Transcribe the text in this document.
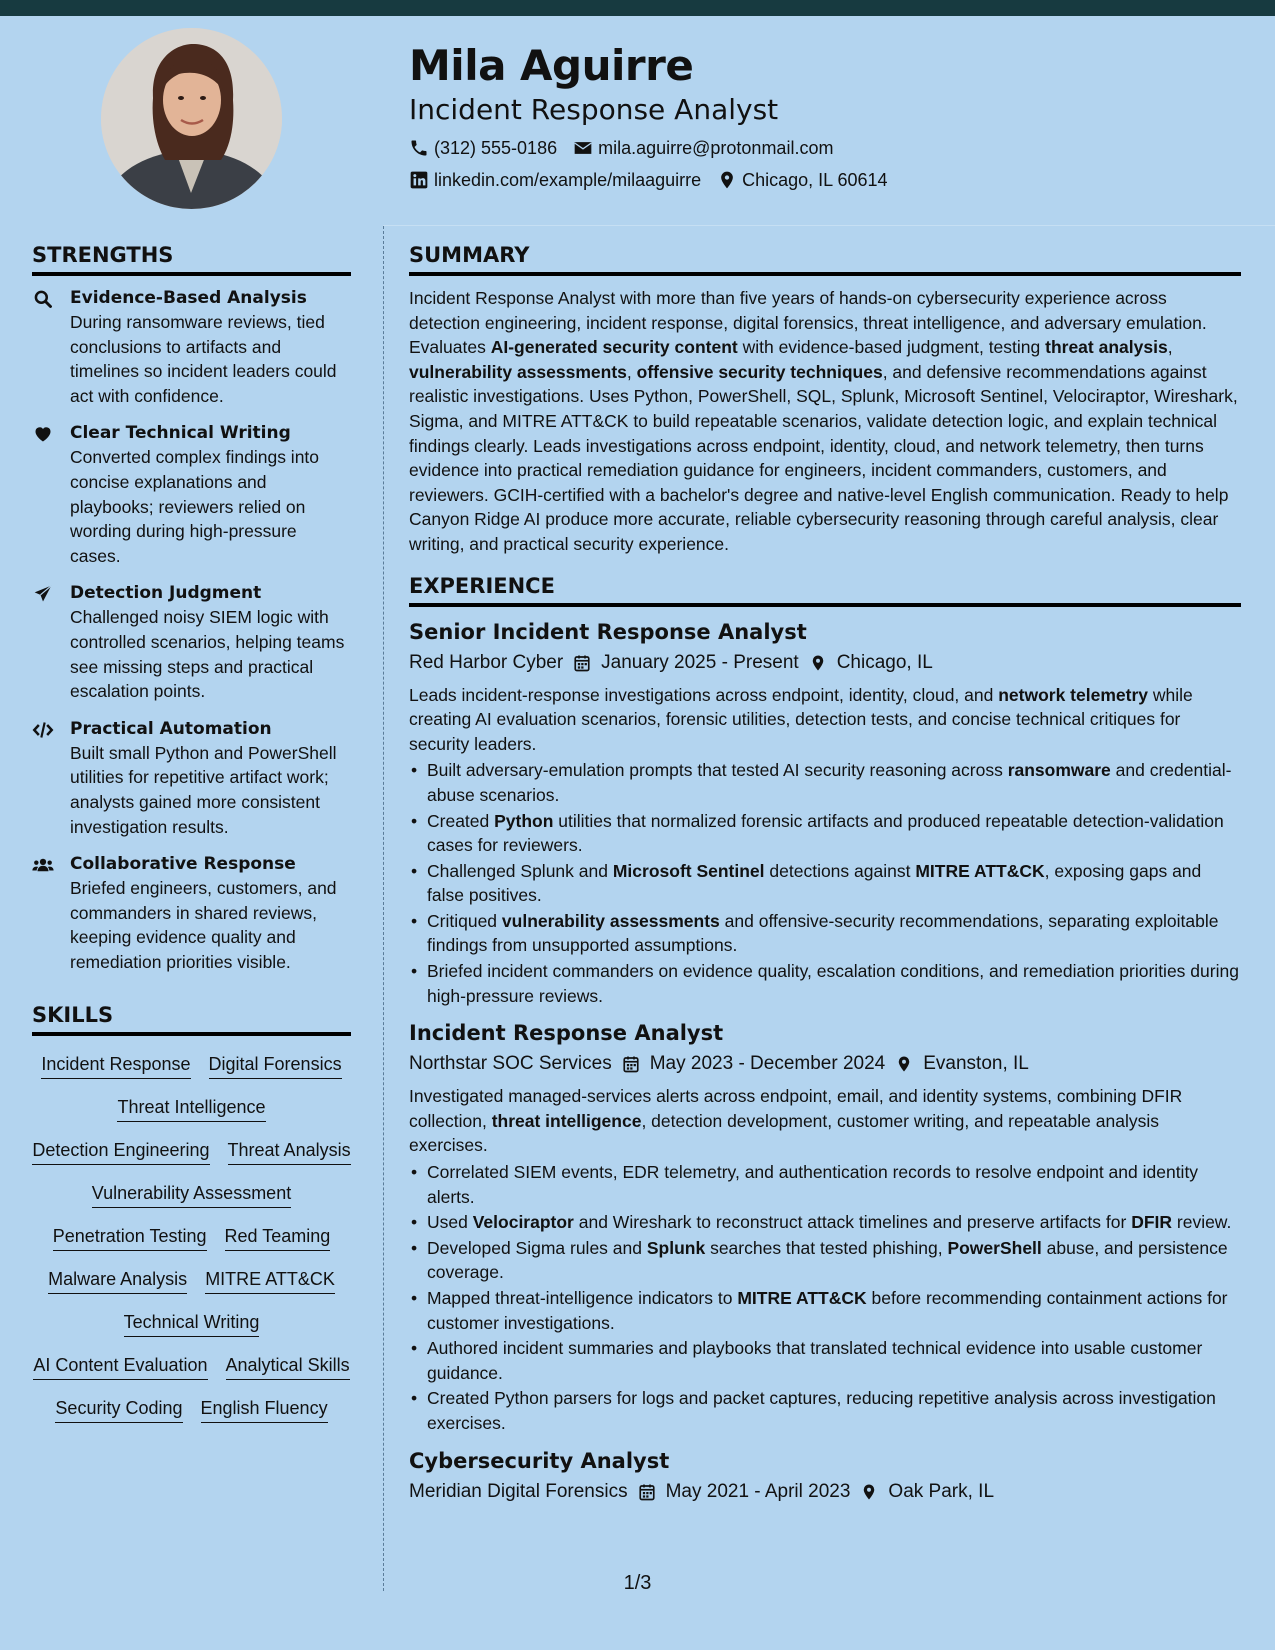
Mila Aguirre
Incident Response Analyst
(312) 555-0186 mila.aguirre@protonmail.com
linkedin.com/example/milaaguirre Chicago, IL 60614
STRENGTHS
Evidence-Based Analysis
During ransomware reviews, tied conclusions to artifacts and timelines so incident leaders could act with confidence.
Clear Technical Writing
Converted complex findings into concise explanations and playbooks; reviewers relied on wording during high-pressure cases.
Detection Judgment
Challenged noisy SIEM logic with controlled scenarios, helping teams see missing steps and practical escalation points.
Practical Automation
Built small Python and PowerShell utilities for repetitive artifact work; analysts gained more consistent investigation results.
Collaborative Response
Briefed engineers, customers, and commanders in shared reviews, keeping evidence quality and remediation priorities visible.
SKILLS
Incident Response Digital Forensics
Threat Intelligence
Detection Engineering Threat Analysis
Vulnerability Assessment
Penetration Testing Red Teaming
Malware Analysis MITRE ATT&CK
Technical Writing
AI Content Evaluation Analytical Skills
Security Coding English Fluency
SUMMARY

Incident Response Analyst with more than five years of hands-on cybersecurity experience across detection engineering, incident response, digital forensics, threat intelligence, and adversary emulation. Evaluates AI-generated security content with evidence-based judgment, testing threat analysis, vulnerability assessments, offensive security techniques, and defensive recommendations against realistic investigations. Uses Python, PowerShell, SQL, Splunk, Microsoft Sentinel, Velociraptor, Wireshark, Sigma, and MITRE ATT&CK to build repeatable scenarios, validate detection logic, and explain technical findings clearly. Leads investigations across endpoint, identity, cloud, and network telemetry, then turns evidence into practical remediation guidance for engineers, incident commanders, customers, and reviewers. GCIH-certified with a bachelor's degree and native-level English communication. Ready to help Canyon Ridge AI produce more accurate, reliable cybersecurity reasoning through careful analysis, clear writing, and practical security experience.

EXPERIENCE
Senior Incident Response Analyst
Red Harbor Cyber January 2025 - Present Chicago, IL

Leads incident-response investigations across endpoint, identity, cloud, and network telemetry while creating AI evaluation scenarios, forensic utilities, detection tests, and concise technical critiques for security leaders.

• Built adversary-emulation prompts that tested AI security reasoning across ransomware and credential-abuse scenarios.
• Created Python utilities that normalized forensic artifacts and produced repeatable detection-validation cases for reviewers.
• Challenged Splunk and Microsoft Sentinel detections against MITRE ATT&CK, exposing gaps and false positives.
• Critiqued vulnerability assessments and offensive-security recommendations, separating exploitable findings from unsupported assumptions.
• Briefed incident commanders on evidence quality, escalation conditions, and remediation priorities during high-pressure reviews.
Incident Response Analyst
Northstar SOC Services May 2023 - December 2024 Evanston, IL

Investigated managed-services alerts across endpoint, email, and identity systems, combining DFIR collection, threat intelligence, detection development, customer writing, and repeatable analysis exercises.

• Correlated SIEM events, EDR telemetry, and authentication records to resolve endpoint and identity alerts.
• Used Velociraptor and Wireshark to reconstruct attack timelines and preserve artifacts for DFIR review.
• Developed Sigma rules and Splunk searches that tested phishing, PowerShell abuse, and persistence coverage.
• Mapped threat-intelligence indicators to MITRE ATT&CK before recommending containment actions for customer investigations.
• Authored incident summaries and playbooks that translated technical evidence into usable customer guidance.
• Created Python parsers for logs and packet captures, reducing repetitive analysis across investigation exercises.
Cybersecurity Analyst
Meridian Digital Forensics May 2021 - April 2023 Oak Park, IL
1/3
